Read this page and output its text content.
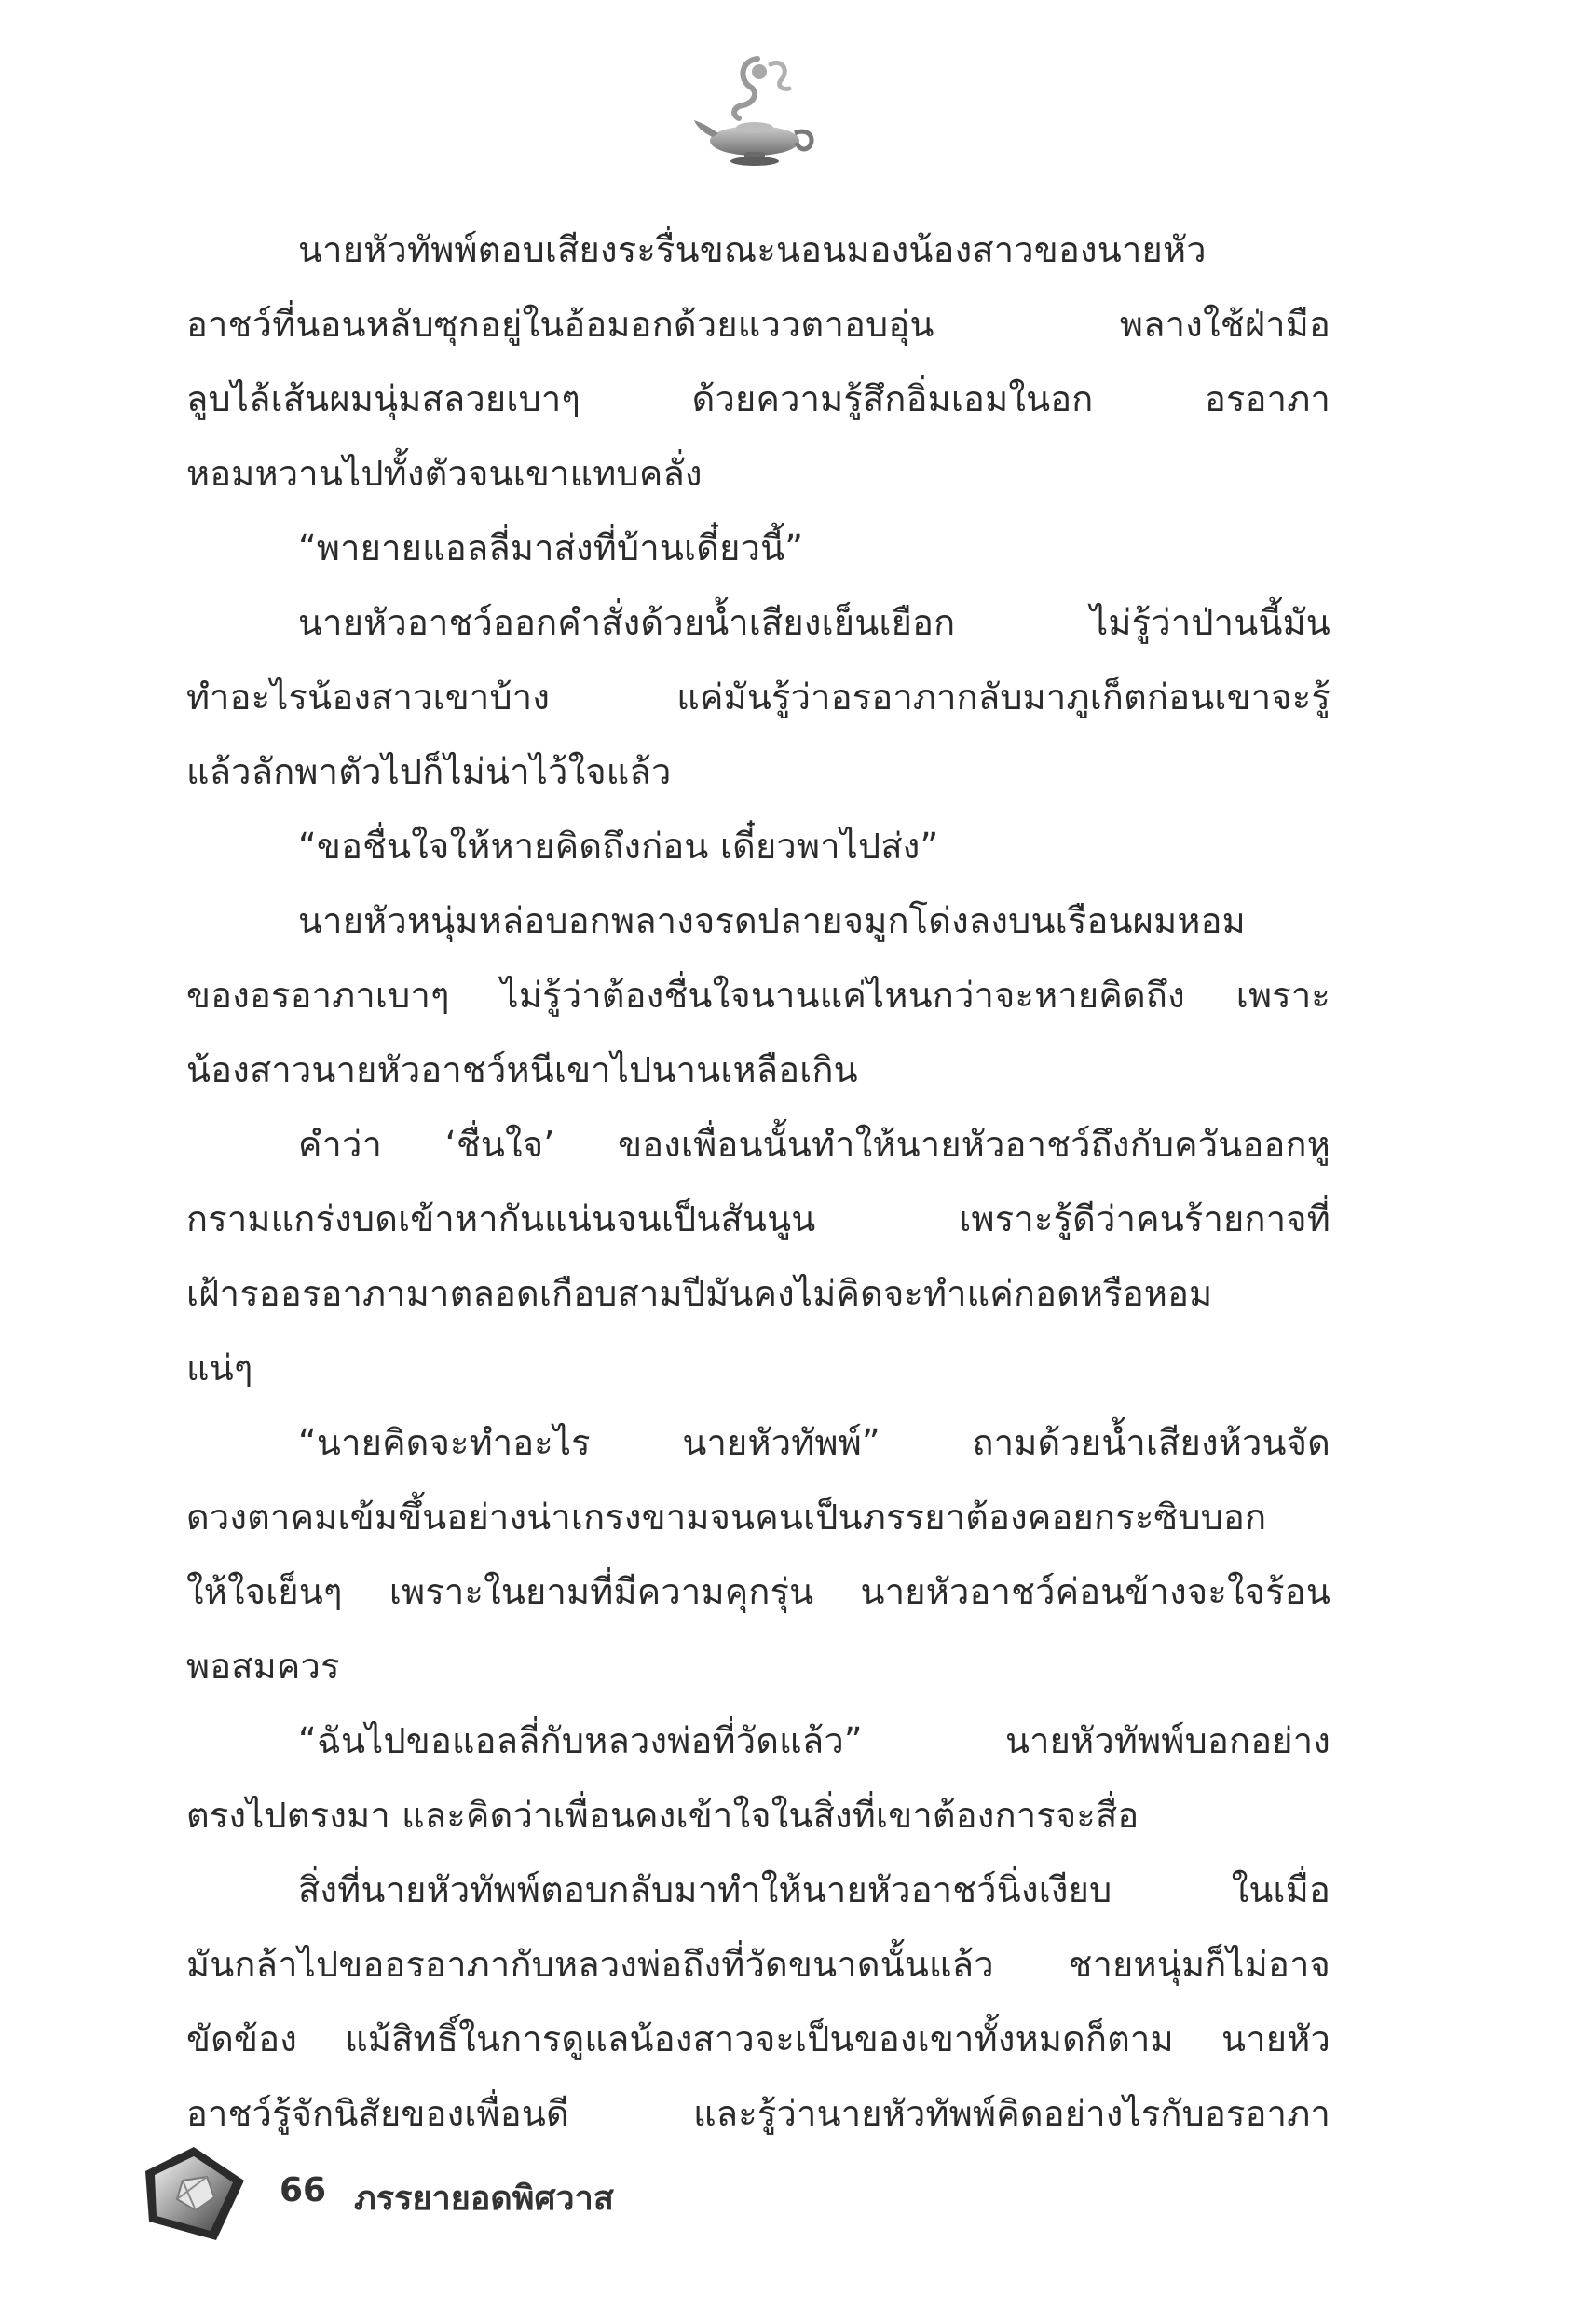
นายหัวทัพพ์ตอบเสียงระรื่นขณะนอนมองน้องสาวของนายหัว
อาชว์ที่นอนหลับซุกอยู่ในอ้อมอกด้วยแววตาอบอุ่น พลางใช้ฝ่ามือ
ลูบไล้เส้นผมนุ่มสลวยเบาๆ ด้วยความรู้สึกอิ่มเอมในอก อรอาภา
หอมหวานไปทั้งตัวจนเขาแทบคลั่ง
“พายายแอลลี่มาส่งที่บ้านเดี๋ยวนี้”
นายหัวอาชว์ออกคำสั่งด้วยน้ำเสียงเย็นเยือก ไม่รู้ว่าป่านนี้มัน
ทำอะไรน้องสาวเขาบ้าง แค่มันรู้ว่าอรอาภากลับมาภูเก็ตก่อนเขาจะรู้
แล้วลักพาตัวไปก็ไม่น่าไว้ใจแล้ว
“ขอชื่นใจให้หายคิดถึงก่อน เดี๋ยวพาไปส่ง”
นายหัวหนุ่มหล่อบอกพลางจรดปลายจมูกโด่งลงบนเรือนผมหอม
ของอรอาภาเบาๆ ไม่รู้ว่าต้องชื่นใจนานแค่ไหนกว่าจะหายคิดถึง เพราะ
น้องสาวนายหัวอาชว์หนีเขาไปนานเหลือเกิน
คำว่า ‘ชื่นใจ’ ของเพื่อนนั้นทำให้นายหัวอาชว์ถึงกับควันออกหู
กรามแกร่งบดเข้าหากันแน่นจนเป็นสันนูน เพราะรู้ดีว่าคนร้ายกาจที่
เฝ้ารออรอาภามาตลอดเกือบสามปีมันคงไม่คิดจะทำแค่กอดหรือหอม
แน่ๆ
“นายคิดจะทำอะไร นายหัวทัพพ์” ถามด้วยน้ำเสียงห้วนจัด
ดวงตาคมเข้มขึ้นอย่างน่าเกรงขามจนคนเป็นภรรยาต้องคอยกระซิบบอก
ให้ใจเย็นๆ เพราะในยามที่มีความคุกรุ่น นายหัวอาชว์ค่อนข้างจะใจร้อน
พอสมควร
“ฉันไปขอแอลลี่กับหลวงพ่อที่วัดแล้ว” นายหัวทัพพ์บอกอย่าง
ตรงไปตรงมา และคิดว่าเพื่อนคงเข้าใจในสิ่งที่เขาต้องการจะสื่อ
สิ่งที่นายหัวทัพพ์ตอบกลับมาทำให้นายหัวอาชว์นิ่งเงียบ ในเมื่อ
มันกล้าไปขออรอาภากับหลวงพ่อถึงที่วัดขนาดนั้นแล้ว ชายหนุ่มก็ไม่อาจ
ขัดข้อง แม้สิทธิ์ในการดูแลน้องสาวจะเป็นของเขาทั้งหมดก็ตาม นายหัว
อาชว์รู้จักนิสัยของเพื่อนดี และรู้ว่านายหัวทัพพ์คิดอย่างไรกับอรอาภา
66 ภรรยายอดพิศวาส
